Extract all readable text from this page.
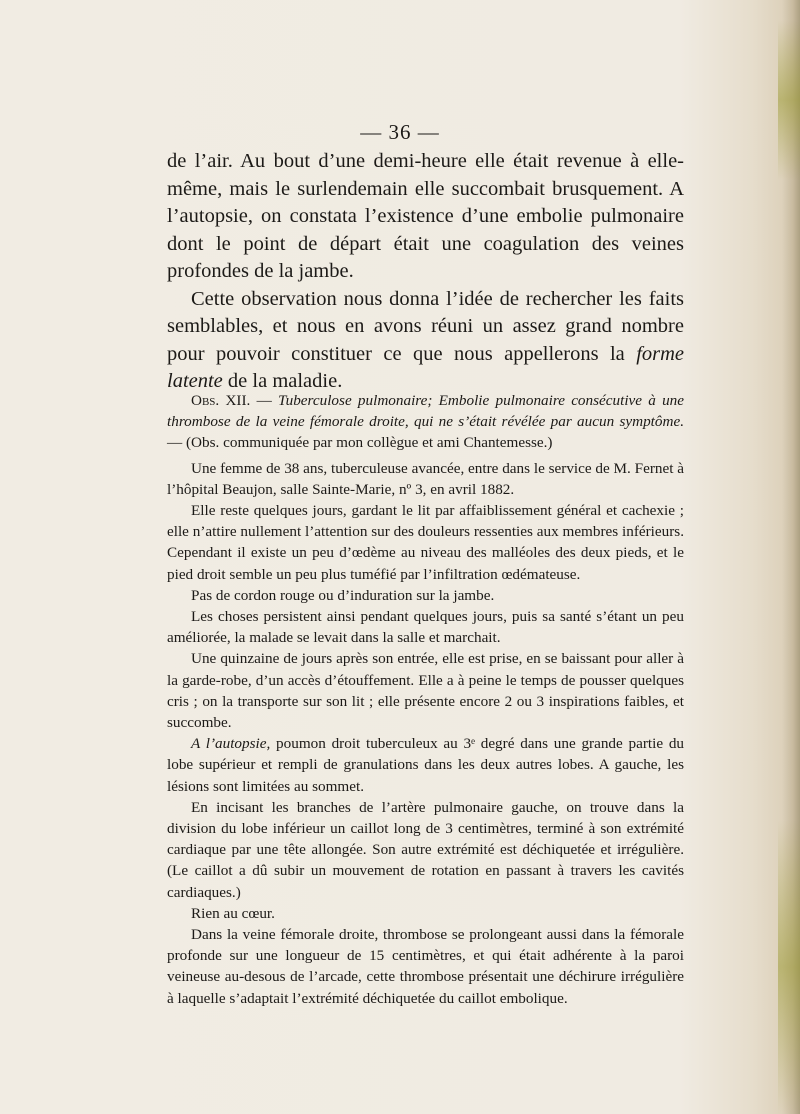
— 36 —

de l’air. Au bout d’une demi-heure elle était revenue à elle-même, mais le surlendemain elle succombait brusquement. A l’autopsie, on constata l’existence d’une embolie pulmonaire dont le point de départ était une coagulation des veines profondes de la jambe.

Cette observation nous donna l’idée de rechercher les faits semblables, et nous en avons réuni un assez grand nombre pour pouvoir constituer ce que nous appellerons la forme latente de la maladie.

Obs. XII. — Tuberculose pulmonaire; Embolie pulmonaire consécutive à une thrombose de la veine fémorale droite, qui ne s’était révélée par aucun symptôme. — (Obs. communiquée par mon collègue et ami Chantemesse.)

Une femme de 38 ans, tuberculeuse avancée, entre dans le service de M. Fernet à l’hôpital Beaujon, salle Sainte-Marie, nº 3, en avril 1882.

Elle reste quelques jours, gardant le lit par affaiblissement général et cachexie ; elle n’attire nullement l’attention sur des douleurs ressenties aux membres inférieurs. Cependant il existe un peu d’œdème au niveau des malléoles des deux pieds, et le pied droit semble un peu plus tuméfié par l’infiltration œdémateuse.

Pas de cordon rouge ou d’induration sur la jambe.

Les choses persistent ainsi pendant quelques jours, puis sa santé s’étant un peu améliorée, la malade se levait dans la salle et marchait.

Une quinzaine de jours après son entrée, elle est prise, en se baissant pour aller à la garde-robe, d’un accès d’étouffement. Elle a à peine le temps de pousser quelques cris ; on la transporte sur son lit ; elle présente encore 2 ou 3 inspirations faibles, et succombe.

A l’autopsie, poumon droit tuberculeux au 3ᵉ degré dans une grande partie du lobe supérieur et rempli de granulations dans les deux autres lobes. A gauche, les lésions sont limitées au sommet.

En incisant les branches de l’artère pulmonaire gauche, on trouve dans la division du lobe inférieur un caillot long de 3 centimètres, terminé à son extrémité cardiaque par une tête allongée. Son autre extrémité est déchiquetée et irrégulière. (Le caillot a dû subir un mouvement de rotation en passant à travers les cavités cardiaques.)

Rien au cœur.

Dans la veine fémorale droite, thrombose se prolongeant aussi dans la fémorale profonde sur une longueur de 15 centimètres, et qui était adhérente à la paroi veineuse au-desous de l’arcade, cette thrombose présentait une déchirure irrégulière à laquelle s’adaptait l’extrémité déchiquetée du caillot embolique.
